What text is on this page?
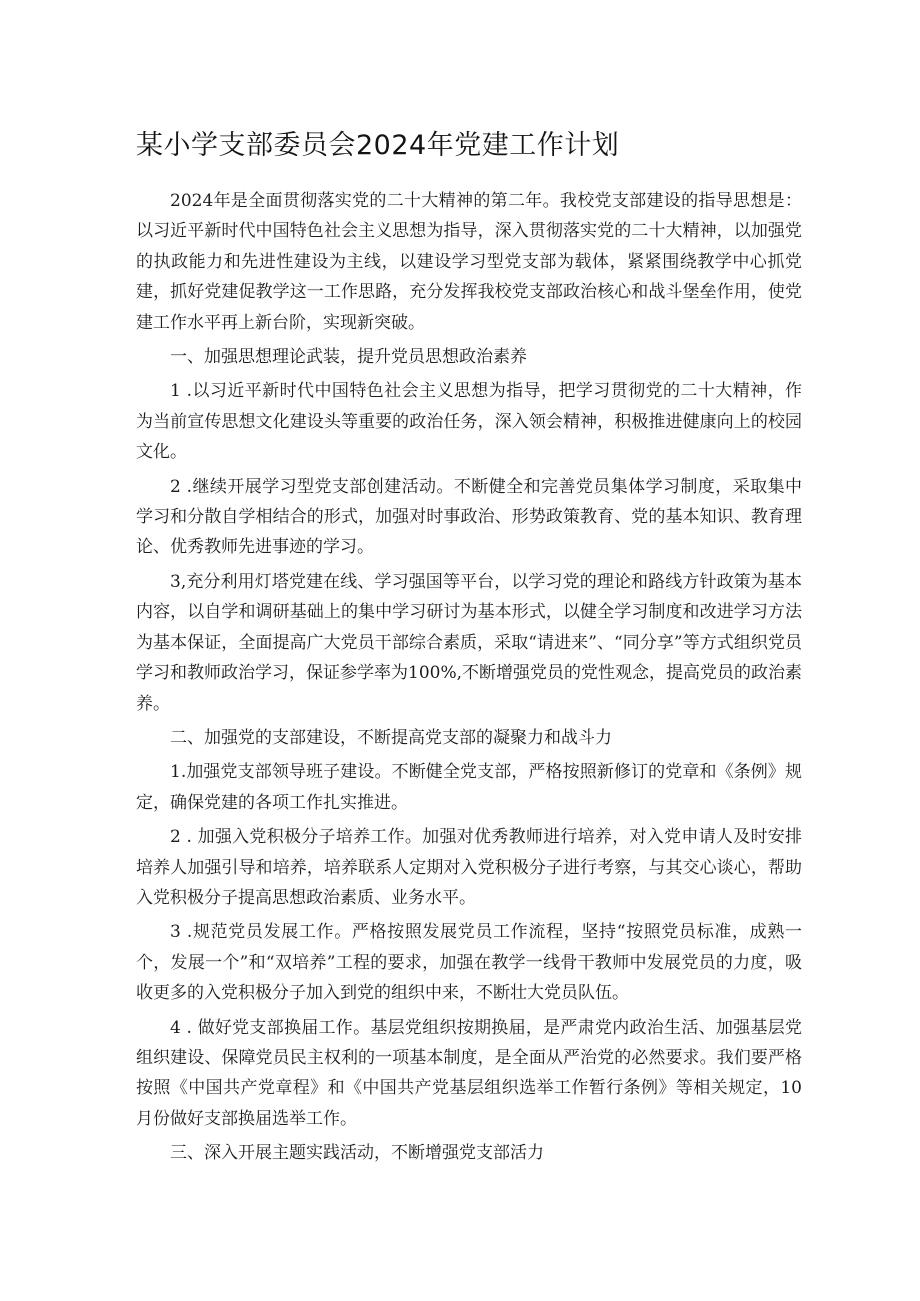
某小学支部委员会2024年党建工作计划

2024年是全面贯彻落实党的二十大精神的第二年。我校党支部建设的指导思想是：以习近平新时代中国特色社会主义思想为指导，深入贯彻落实党的二十大精神，以加强党的执政能力和先进性建设为主线，以建设学习型党支部为载体，紧紧围绕教学中心抓党建，抓好党建促教学这一工作思路，充分发挥我校党支部政治核心和战斗堡垒作用，使党建工作水平再上新台阶，实现新突破。

一、加强思想理论武装，提升党员思想政治素养

1 .以习近平新时代中国特色社会主义思想为指导，把学习贯彻党的二十大精神，作为当前宣传思想文化建设头等重要的政治任务，深入领会精神，积极推进健康向上的校园文化。

2 .继续开展学习型党支部创建活动。不断健全和完善党员集体学习制度，采取集中学习和分散自学相结合的形式，加强对时事政治、形势政策教育、党的基本知识、教育理论、优秀教师先进事迹的学习。

3,充分利用灯塔党建在线、学习强国等平台，以学习党的理论和路线方针政策为基本内容，以自学和调研基础上的集中学习研讨为基本形式，以健全学习制度和改进学习方法为基本保证，全面提高广大党员干部综合素质，采取“请进来”、“同分享”等方式组织党员学习和教师政治学习，保证参学率为100%,不断增强党员的党性观念，提高党员的政治素养。

二、加强党的支部建设，不断提高党支部的凝聚力和战斗力

1.加强党支部领导班子建设。不断健全党支部，严格按照新修订的党章和《条例》规定，确保党建的各项工作扎实推进。

2 . 加强入党积极分子培养工作。加强对优秀教师进行培养，对入党申请人及时安排培养人加强引导和培养，培养联系人定期对入党积极分子进行考察，与其交心谈心，帮助入党积极分子提高思想政治素质、业务水平。

3 .规范党员发展工作。严格按照发展党员工作流程，坚持“按照党员标准，成熟一个，发展一个”和“双培养”工程的要求，加强在教学一线骨干教师中发展党员的力度，吸收更多的入党积极分子加入到党的组织中来，不断壮大党员队伍。

4 . 做好党支部换届工作。基层党组织按期换届，是严肃党内政治生活、加强基层党组织建设、保障党员民主权利的一项基本制度，是全面从严治党的必然要求。我们要严格按照《中国共产党章程》和《中国共产党基层组织选举工作暂行条例》等相关规定，10月份做好支部换届选举工作。

三、深入开展主题实践活动，不断增强党支部活力
